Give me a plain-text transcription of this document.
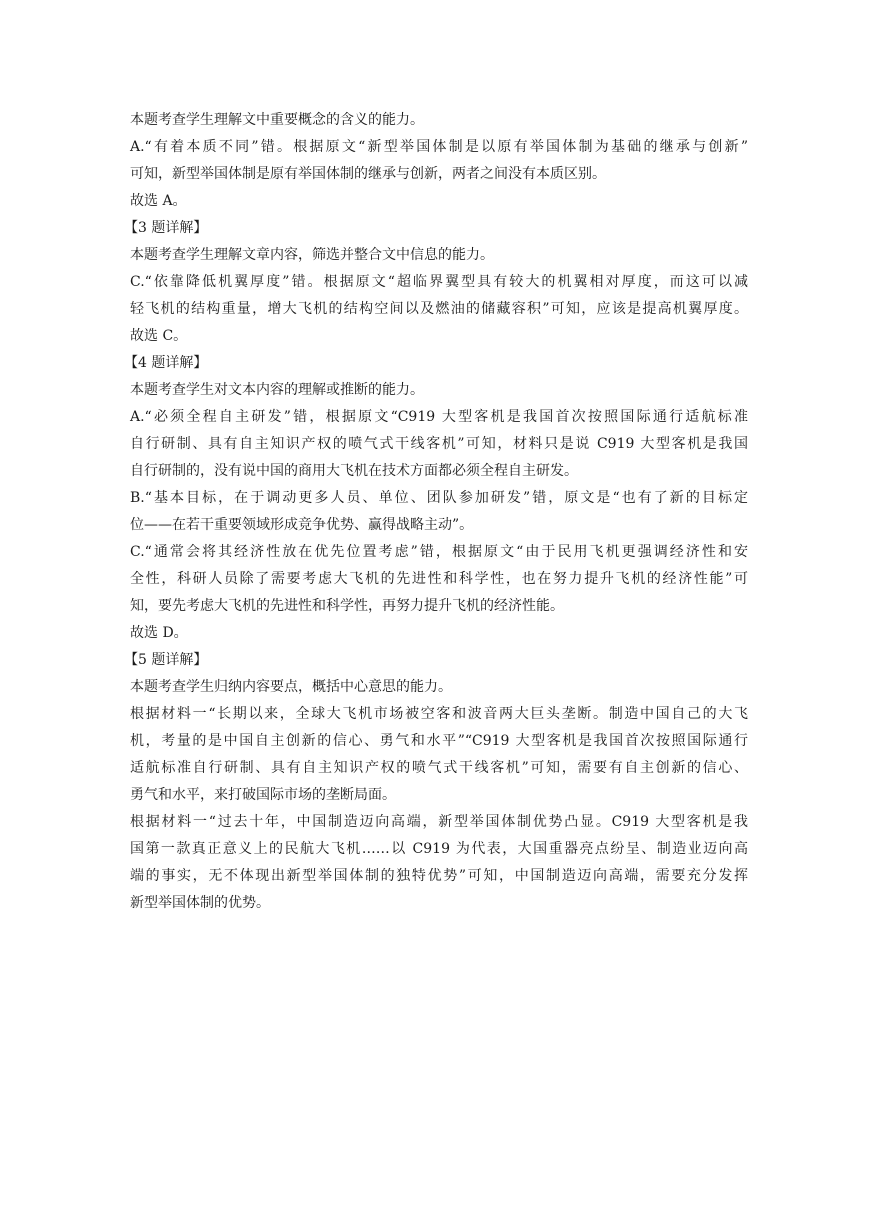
本题考查学生理解文中重要概念的含义的能力。
A.“有着本质不同”错。根据原文“新型举国体制是以原有举国体制为基础的继承与创新”
可知，新型举国体制是原有举国体制的继承与创新，两者之间没有本质区别。
故选 A。
【3 题详解】
本题考查学生理解文章内容，筛选并整合文中信息的能力。
C.“依靠降低机翼厚度”错。根据原文“超临界翼型具有较大的机翼相对厚度，而这可以减
轻飞机的结构重量，增大飞机的结构空间以及燃油的储藏容积”可知，应该是提高机翼厚度。
故选 C。
【4 题详解】
本题考查学生对文本内容的理解或推断的能力。
A.“必须全程自主研发”错，根据原文“C919 大型客机是我国首次按照国际通行适航标准
自行研制、具有自主知识产权的喷气式干线客机”可知，材料只是说 C919 大型客机是我国
自行研制的，没有说中国的商用大飞机在技术方面都必须全程自主研发。
B.“基本目标，在于调动更多人员、单位、团队参加研发”错，原文是“也有了新的目标定
位——在若干重要领域形成竞争优势、赢得战略主动”。
C.“通常会将其经济性放在优先位置考虑”错，根据原文“由于民用飞机更强调经济性和安
全性，科研人员除了需要考虑大飞机的先进性和科学性，也在努力提升飞机的经济性能”可
知，要先考虑大飞机的先进性和科学性，再努力提升飞机的经济性能。
故选 D。
【5 题详解】
本题考查学生归纳内容要点，概括中心意思的能力。
根据材料一“长期以来，全球大飞机市场被空客和波音两大巨头垄断。制造中国自己的大飞
机，考量的是中国自主创新的信心、勇气和水平”“C919 大型客机是我国首次按照国际通行
适航标准自行研制、具有自主知识产权的喷气式干线客机”可知，需要有自主创新的信心、
勇气和水平，来打破国际市场的垄断局面。
根据材料一“过去十年，中国制造迈向高端，新型举国体制优势凸显。C919 大型客机是我
国第一款真正意义上的民航大飞机……以 C919 为代表，大国重器亮点纷呈、制造业迈向高
端的事实，无不体现出新型举国体制的独特优势”可知，中国制造迈向高端，需要充分发挥
新型举国体制的优势。
